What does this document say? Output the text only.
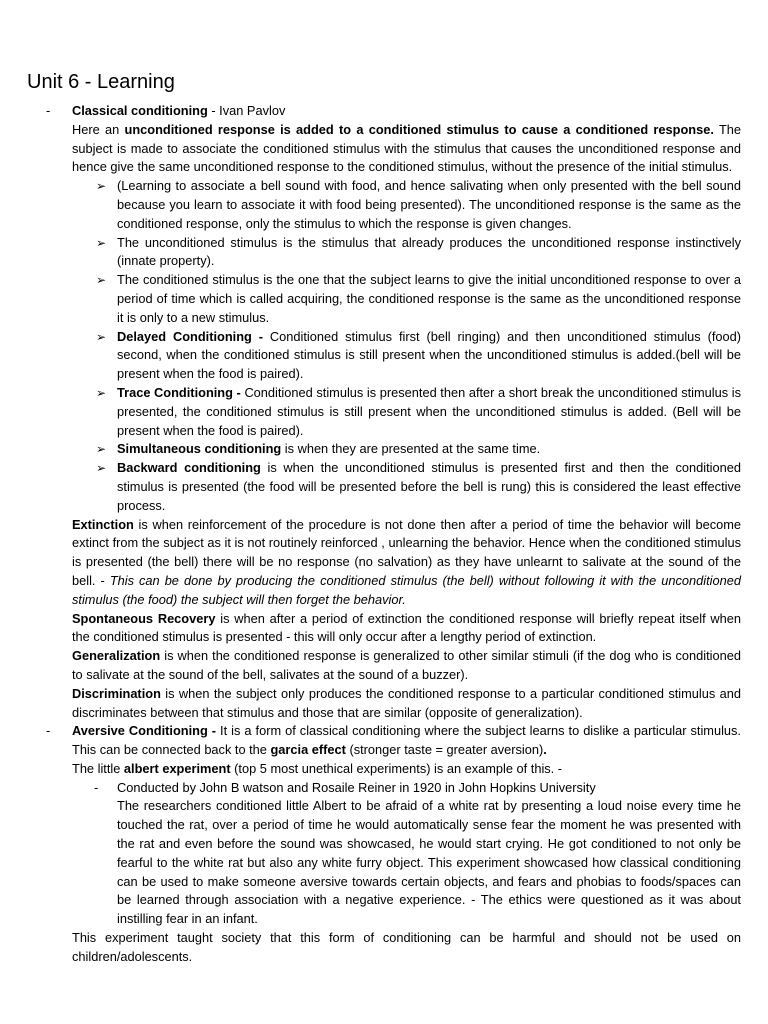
Unit 6 - Learning
- Classical conditioning - Ivan Pavlov

Here an unconditioned response is added to a conditioned stimulus to cause a conditioned response. The subject is made to associate the conditioned stimulus with the stimulus that causes the unconditioned response and hence give the same unconditioned response to the conditioned stimulus, without the presence of the initial stimulus.

➢ (Learning to associate a bell sound with food, and hence salivating when only presented with the bell sound because you learn to associate it with food being presented). The unconditioned response is the same as the conditioned response, only the stimulus to which the response is given changes.

➢ The unconditioned stimulus is the stimulus that already produces the unconditioned response instinctively (innate property).

➢ The conditioned stimulus is the one that the subject learns to give the initial unconditioned response to over a period of time which is called acquiring, the conditioned response is the same as the unconditioned response it is only to a new stimulus.

➢ Delayed Conditioning - Conditioned stimulus first (bell ringing) and then unconditioned stimulus (food) second, when the conditioned stimulus is still present when the unconditioned stimulus is added.(bell will be present when the food is paired).

➢ Trace Conditioning - Conditioned stimulus is presented then after a short break the unconditioned stimulus is presented, the conditioned stimulus is still present when the unconditioned stimulus is added. (Bell will be present when the food is paired).

➢ Simultaneous conditioning is when they are presented at the same time.

➢ Backward conditioning is when the unconditioned stimulus is presented first and then the conditioned stimulus is presented (the food will be presented before the bell is rung) this is considered the least effective process.

Extinction is when reinforcement of the procedure is not done then after a period of time the behavior will become extinct from the subject as it is not routinely reinforced , unlearning the behavior. Hence when the conditioned stimulus is presented (the bell) there will be no response (no salvation) as they have unlearnt to salivate at the sound of the bell. - This can be done by producing the conditioned stimulus (the bell) without following it with the unconditioned stimulus (the food) the subject will then forget the behavior.

Spontaneous Recovery is when after a period of extinction the conditioned response will briefly repeat itself when the conditioned stimulus is presented - this will only occur after a lengthy period of extinction.

Generalization is when the conditioned response is generalized to other similar stimuli (if the dog who is conditioned to salivate at the sound of the bell, salivates at the sound of a buzzer).

Discrimination is when the subject only produces the conditioned response to a particular conditioned stimulus and discriminates between that stimulus and those that are similar (opposite of generalization).

- Aversive Conditioning - It is a form of classical conditioning where the subject learns to dislike a particular stimulus. This can be connected back to the garcia effect (stronger taste = greater aversion).

The little albert experiment (top 5 most unethical experiments) is an example of this. -

- Conducted by John B watson and Rosaile Reiner in 1920 in John Hopkins University

The researchers conditioned little Albert to be afraid of a white rat by presenting a loud noise every time he touched the rat, over a period of time he would automatically sense fear the moment he was presented with the rat and even before the sound was showcased, he would start crying. He got conditioned to not only be fearful to the white rat but also any white furry object. This experiment showcased how classical conditioning can be used to make someone aversive towards certain objects, and fears and phobias to foods/spaces can be learned through association with a negative experience. - The ethics were questioned as it was about instilling fear in an infant.

This experiment taught society that this form of conditioning can be harmful and should not be used on children/adolescents.
